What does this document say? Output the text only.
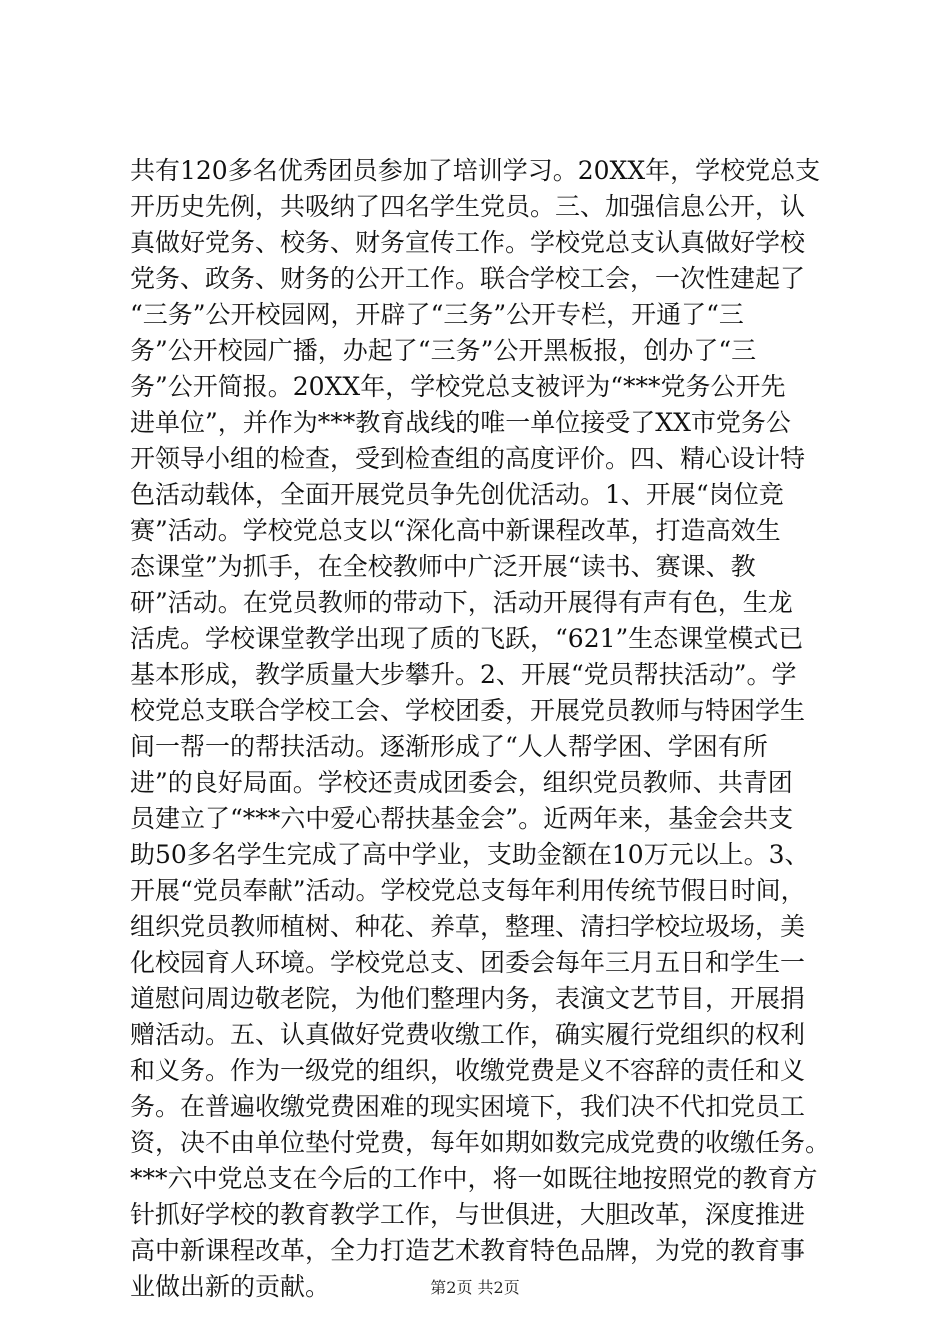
共有120多名优秀团员参加了培训学习。20XX年，学校党总支
开历史先例，共吸纳了四名学生党员。三、加强信息公开，认
真做好党务、校务、财务宣传工作。学校党总支认真做好学校
党务、政务、财务的公开工作。联合学校工会，一次性建起了
“三务”公开校园网，开辟了“三务”公开专栏，开通了“三
务”公开校园广播，办起了“三务”公开黑板报，创办了“三
务”公开简报。20XX年，学校党总支被评为“***党务公开先
进单位”，并作为***教育战线的唯一单位接受了XX市党务公
开领导小组的检查，受到检查组的高度评价。四、精心设计特
色活动载体，全面开展党员争先创优活动。1、开展“岗位竞
赛”活动。学校党总支以“深化高中新课程改革，打造高效生
态课堂”为抓手，在全校教师中广泛开展“读书、赛课、教
研”活动。在党员教师的带动下，活动开展得有声有色，生龙
活虎。学校课堂教学出现了质的飞跃，“621”生态课堂模式已
基本形成，教学质量大步攀升。2、开展“党员帮扶活动”。学
校党总支联合学校工会、学校团委，开展党员教师与特困学生
间一帮一的帮扶活动。逐渐形成了“人人帮学困、学困有所
进”的良好局面。学校还责成团委会，组织党员教师、共青团
员建立了“***六中爱心帮扶基金会”。近两年来，基金会共支
助50多名学生完成了高中学业，支助金额在10万元以上。3、
开展“党员奉献”活动。学校党总支每年利用传统节假日时间，
组织党员教师植树、种花、养草，整理、清扫学校垃圾场，美
化校园育人环境。学校党总支、团委会每年三月五日和学生一
道慰问周边敬老院，为他们整理内务，表演文艺节目，开展捐
赠活动。五、认真做好党费收缴工作，确实履行党组织的权利
和义务。作为一级党的组织，收缴党费是义不容辞的责任和义
务。在普遍收缴党费困难的现实困境下，我们决不代扣党员工
资，决不由单位垫付党费，每年如期如数完成党费的收缴任务。
***六中党总支在今后的工作中，将一如既往地按照党的教育方
针抓好学校的教育教学工作，与世俱进，大胆改革，深度推进
高中新课程改革，全力打造艺术教育特色品牌，为党的教育事
业做出新的贡献。	第2页 共2页
